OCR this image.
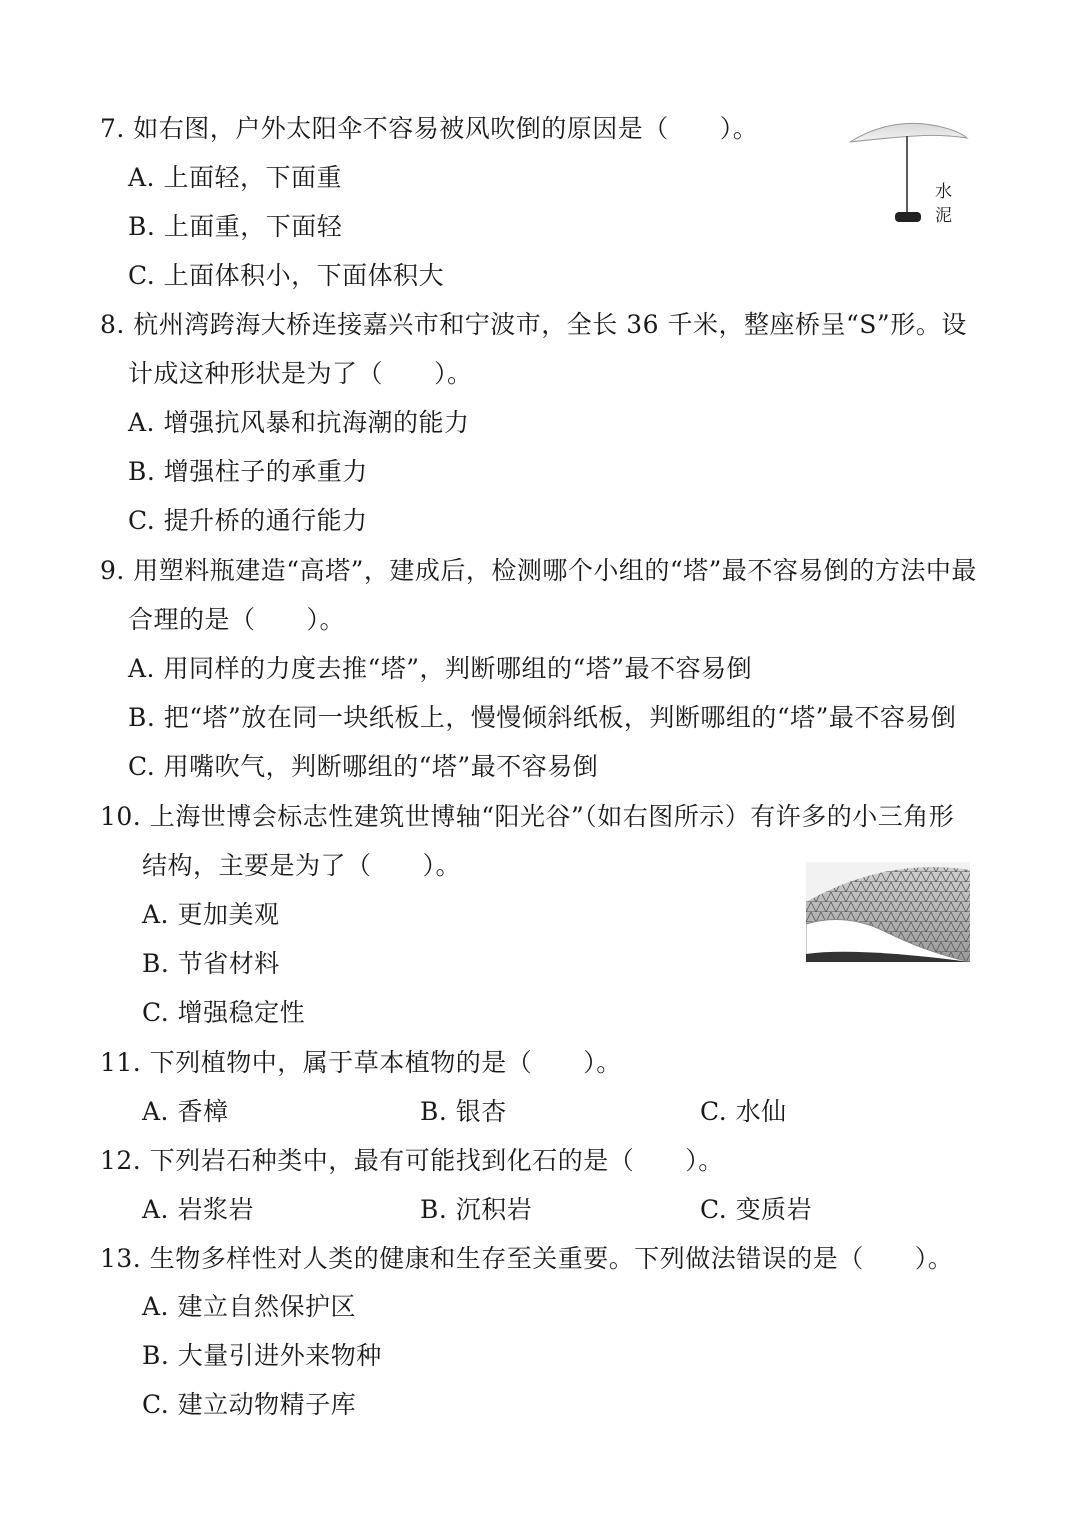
7. 如右图，户外太阳伞不容易被风吹倒的原因是（　　）。
A. 上面轻，下面重
B. 上面重，下面轻
C. 上面体积小，下面体积大
水
泥
8. 杭州湾跨海大桥连接嘉兴市和宁波市，全长 36 千米，整座桥呈“S”形。设
计成这种形状是为了（　　）。
A. 增强抗风暴和抗海潮的能力
B. 增强柱子的承重力
C. 提升桥的通行能力
9. 用塑料瓶建造“高塔”，建成后，检测哪个小组的“塔”最不容易倒的方法中最
合理的是（　　）。
A. 用同样的力度去推“塔”，判断哪组的“塔”最不容易倒
B. 把“塔”放在同一块纸板上，慢慢倾斜纸板，判断哪组的“塔”最不容易倒
C. 用嘴吹气，判断哪组的“塔”最不容易倒
10. 上海世博会标志性建筑世博轴“阳光谷”（如右图所示）有许多的小三角形
结构，主要是为了（　　）。
A. 更加美观
B. 节省材料
C. 增强稳定性
11. 下列植物中，属于草本植物的是（　　）。
A. 香樟	B. 银杏	C. 水仙
12. 下列岩石种类中，最有可能找到化石的是（　　）。
A. 岩浆岩	B. 沉积岩	C. 变质岩
13. 生物多样性对人类的健康和生存至关重要。下列做法错误的是（　　）。
A. 建立自然保护区
B. 大量引进外来物种
C. 建立动物精子库
